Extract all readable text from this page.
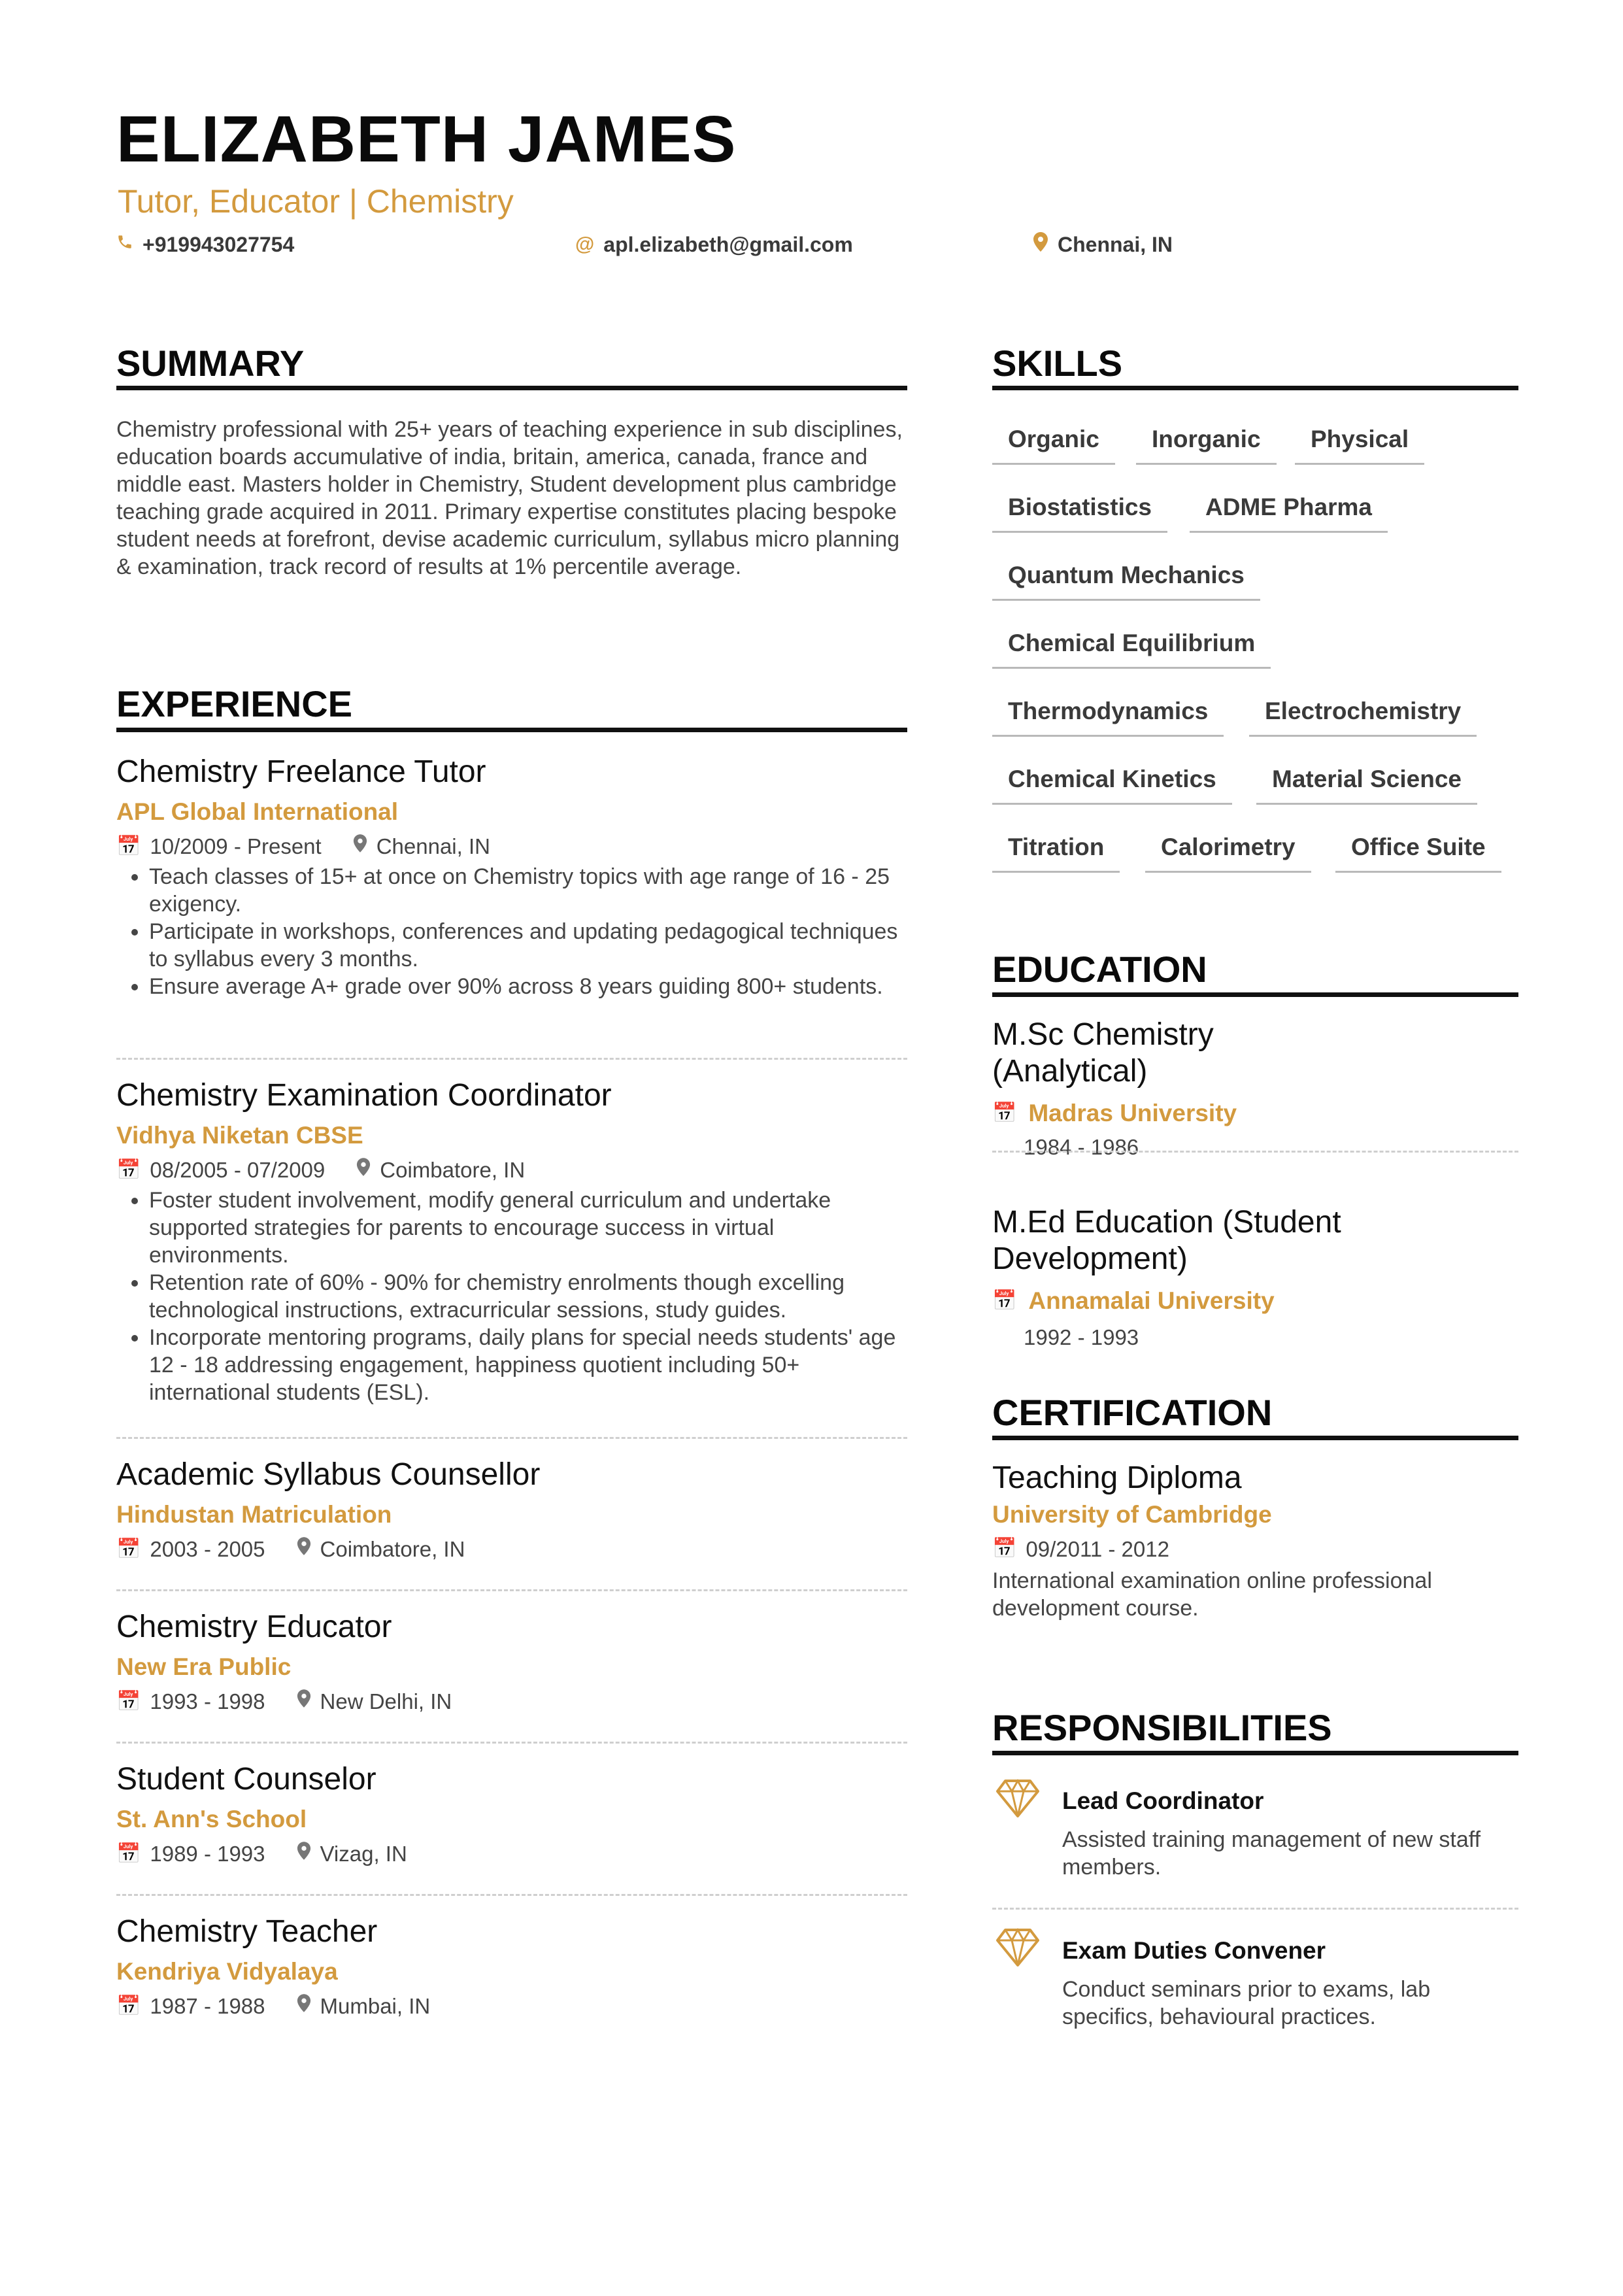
ELIZABETH JAMES
Tutor, Educator | Chemistry
+919943027754	@ apl.elizabeth@gmail.com	Chennai, IN
SUMMARY
Chemistry professional with 25+ years of teaching experience in sub disciplines, education boards accumulative of india, britain, america, canada, france and middle east. Masters holder in Chemistry, Student development plus cambridge teaching grade acquired in 2011. Primary expertise constitutes placing bespoke student needs at forefront, devise academic curriculum, syllabus micro planning & examination, track record of results at 1% percentile average.
EXPERIENCE
Chemistry Freelance Tutor
APL Global International
📅 10/2009 - Present	Chennai, IN
• Teach classes of 15+ at once on Chemistry topics with age range of 16 - 25 exigency.
• Participate in workshops, conferences and updating pedagogical techniques to syllabus every 3 months.
• Ensure average A+ grade over 90% across 8 years guiding 800+ students.
Chemistry Examination Coordinator
Vidhya Niketan CBSE
📅 08/2005 - 07/2009	Coimbatore, IN
• Foster student involvement, modify general curriculum and undertake supported strategies for parents to encourage success in virtual environments.
• Retention rate of 60% - 90% for chemistry enrolments though excelling technological instructions, extracurricular sessions, study guides.
• Incorporate mentoring programs, daily plans for special needs students' age 12 - 18 addressing engagement, happiness quotient including 50+ international students (ESL).
Academic Syllabus Counsellor
Hindustan Matriculation
📅 2003 - 2005	Coimbatore, IN
Chemistry Educator
New Era Public
📅 1993 - 1998	New Delhi, IN
Student Counselor
St. Ann's School
📅 1989 - 1993	Vizag, IN
Chemistry Teacher
Kendriya Vidyalaya
📅 1987 - 1988	Mumbai, IN
SKILLS
Organic	Inorganic	Physical
Biostatistics	ADME Pharma
Quantum Mechanics
Chemical Equilibrium
Thermodynamics	Electrochemistry
Chemical Kinetics	Material Science
Titration	Calorimetry	Office Suite
EDUCATION
M.Sc Chemistry (Analytical)
📅 Madras University
1984 - 1986
M.Ed Education (Student Development)
📅 Annamalai University
1992 - 1993
CERTIFICATION
Teaching Diploma
University of Cambridge
📅 09/2011 - 2012
International examination online professional development course.
RESPONSIBILITIES
Lead Coordinator
Assisted training management of new staff members.
Exam Duties Convener
Conduct seminars prior to exams, lab specifics, behavioural practices.
